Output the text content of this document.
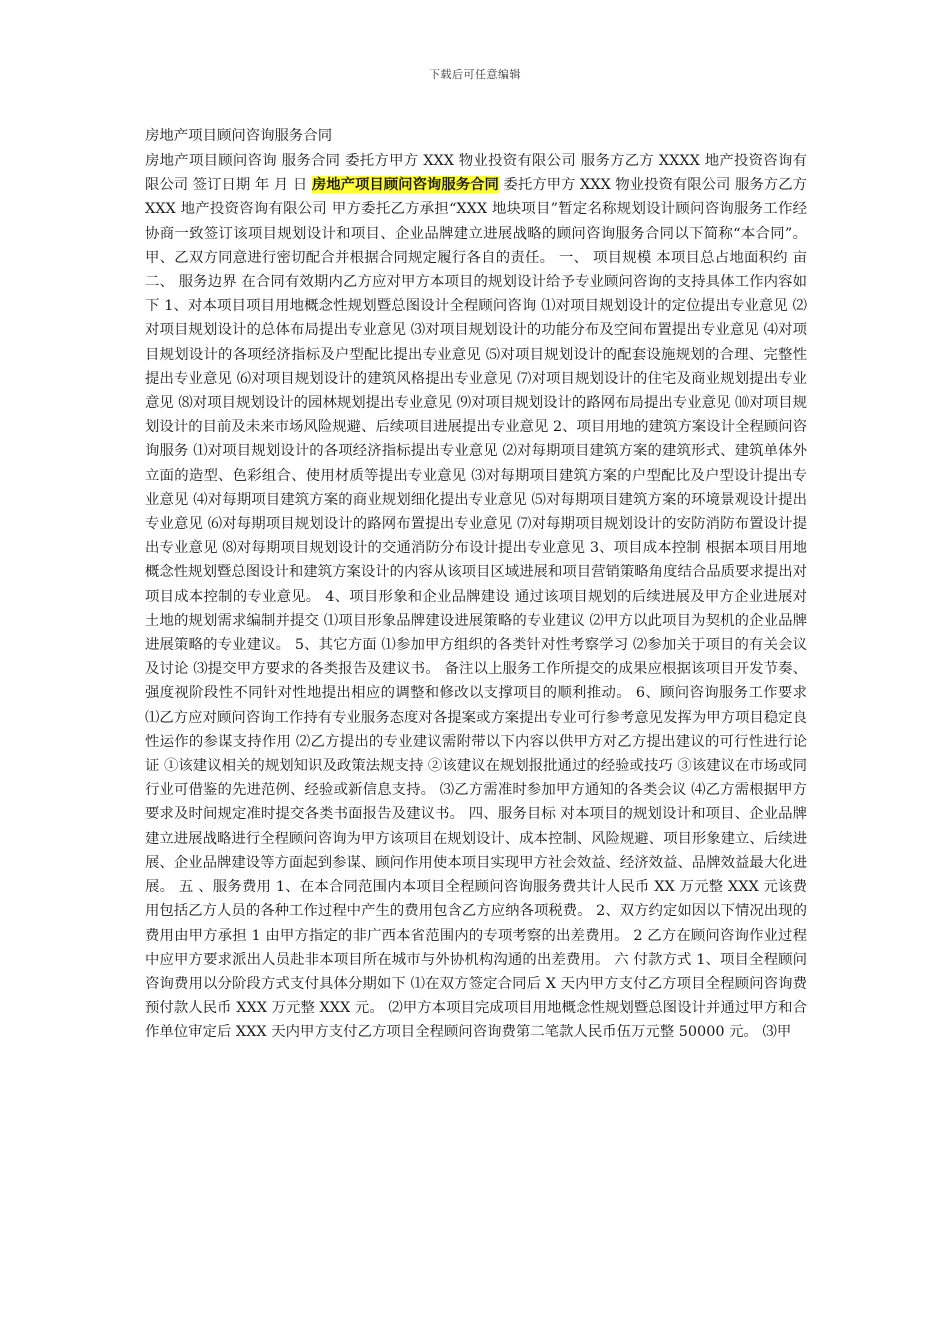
下载后可任意编辑
房地产项目顾问咨询服务合同
房地产项目顾问咨询 服务合同 委托方甲方 XXX 物业投资有限公司 服务方乙方 XXXX 地产投资咨询有限公司 签订日期 年 月 日 房地产项目顾问咨询服务合同 委托方甲方 XXX 物业投资有限公司 服务方乙方 XXX 地产投资咨询有限公司 甲方委托乙方承担“XXX 地块项目”暂定名称规划设计顾问咨询服务工作经协商一致签订该项目规划设计和项目、企业品牌建立进展战略的顾问咨询服务合同以下简称“本合同”。甲、乙双方同意进行密切配合并根据合同规定履行各自的责任。 一、 项目规模 本项目总占地面积约 亩 二、 服务边界 在合同有效期内乙方应对甲方本项目的规划设计给予专业顾问咨询的支持具体工作内容如下 1、对本项目项目用地概念性规划暨总图设计全程顾问咨询 ⑴对项目规划设计的定位提出专业意见 ⑵对项目规划设计的总体布局提出专业意见 ⑶对项目规划设计的功能分布及空间布置提出专业意见 ⑷对项目规划设计的各项经济指标及户型配比提出专业意见 ⑸对项目规划设计的配套设施规划的合理、完整性提出专业意见 ⑹对项目规划设计的建筑风格提出专业意见 ⑺对项目规划设计的住宅及商业规划提出专业意见 ⑻对项目规划设计的园林规划提出专业意见 ⑼对项目规划设计的路网布局提出专业意见 ⑽对项目规划设计的目前及未来市场风险规避、后续项目进展提出专业意见 2、项目用地的建筑方案设计全程顾问咨询服务 ⑴对项目规划设计的各项经济指标提出专业意见 ⑵对每期项目建筑方案的建筑形式、建筑单体外立面的造型、色彩组合、使用材质等提出专业意见 ⑶对每期项目建筑方案的户型配比及户型设计提出专业意见 ⑷对每期项目建筑方案的商业规划细化提出专业意见 ⑸对每期项目建筑方案的环境景观设计提出专业意见 ⑹对每期项目规划设计的路网布置提出专业意见 ⑺对每期项目规划设计的安防消防布置设计提出专业意见 ⑻对每期项目规划设计的交通消防分布设计提出专业意见 3、项目成本控制 根据本项目用地概念性规划暨总图设计和建筑方案设计的内容从该项目区域进展和项目营销策略角度结合品质要求提出对项目成本控制的专业意见。 4、项目形象和企业品牌建设 通过该项目规划的后续进展及甲方企业进展对土地的规划需求编制并提交 ⑴项目形象品牌建设进展策略的专业建议 ⑵甲方以此项目为契机的企业品牌进展策略的专业建议。 5、其它方面 ⑴参加甲方组织的各类针对性考察学习 ⑵参加关于项目的有关会议及讨论 ⑶提交甲方要求的各类报告及建议书。 备注以上服务工作所提交的成果应根据该项目开发节奏、强度视阶段性不同针对性地提出相应的调整和修改以支撑项目的顺利推动。 6、顾问咨询服务工作要求 ⑴乙方应对顾问咨询工作持有专业服务态度对各提案或方案提出专业可行参考意见发挥为甲方项目稳定良性运作的参谋支持作用 ⑵乙方提出的专业建议需附带以下内容以供甲方对乙方提出建议的可行性进行论证 ①该建议相关的规划知识及政策法规支持 ②该建议在规划报批通过的经验或技巧 ③该建议在市场或同行业可借鉴的先进范例、经验或新信息支持。 ⑶乙方需准时参加甲方通知的各类会议 ⑷乙方需根据甲方要求及时间规定准时提交各类书面报告及建议书。 四、服务目标 对本项目的规划设计和项目、企业品牌建立进展战略进行全程顾问咨询为甲方该项目在规划设计、成本控制、风险规避、项目形象建立、后续进展、企业品牌建设等方面起到参谋、顾问作用使本项目实现甲方社会效益、经济效益、品牌效益最大化进展。 五 、服务费用 1、在本合同范围内本项目全程顾问咨询服务费共计人民币 XX 万元整 XXX 元该费用包括乙方人员的各种工作过程中产生的费用包含乙方应纳各项税费。 2、双方约定如因以下情况出现的费用由甲方承担 1 由甲方指定的非广西本省范围内的专项考察的出差费用。 2 乙方在顾问咨询作业过程中应甲方要求派出人员赴非本项目所在城市与外协机构沟通的出差费用。 六 付款方式 1、项目全程顾问咨询费用以分阶段方式支付具体分期如下 ⑴在双方签定合同后 X 天内甲方支付乙方项目全程顾问咨询费预付款人民币 XXX 万元整 XXX 元。 ⑵甲方本项目完成项目用地概念性规划暨总图设计并通过甲方和合作单位审定后 XXX 天内甲方支付乙方项目全程顾问咨询费第二笔款人民币伍万元整 50000 元。 ⑶甲
